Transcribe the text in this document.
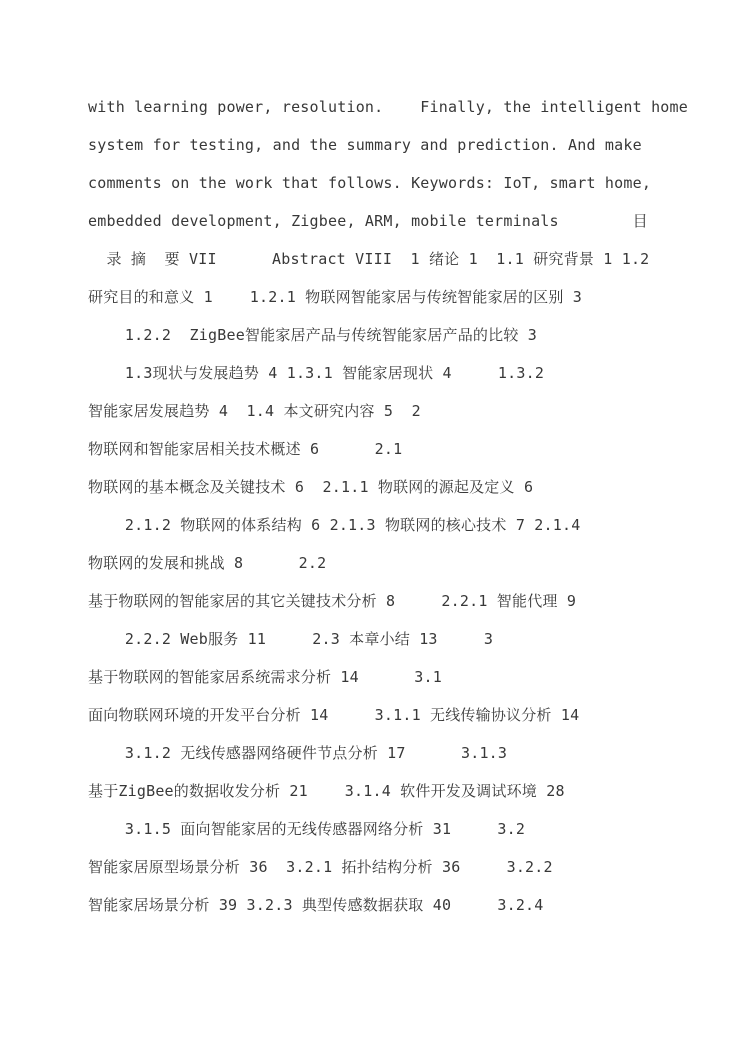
with learning power, resolution.    Finally, the intelligent home
system for testing, and the summary and prediction. And make
comments on the work that follows. Keywords: IoT, smart home,
embedded development, Zigbee, ARM, mobile terminals        目
录 摘  要 VII      Abstract VIII  1 绪论 1  1.1 研究背景 1 1.2
研究目的和意义 1    1.2.1 物联网智能家居与传统智能家居的区别 3
1.2.2  ZigBee智能家居产品与传统智能家居产品的比较 3
1.3现状与发展趋势 4 1.3.1 智能家居现状 4     1.3.2
智能家居发展趋势 4  1.4 本文研究内容 5  2
物联网和智能家居相关技术概述 6      2.1
物联网的基本概念及关键技术 6  2.1.1 物联网的源起及定义 6
2.1.2 物联网的体系结构 6 2.1.3 物联网的核心技术 7 2.1.4
物联网的发展和挑战 8      2.2
基于物联网的智能家居的其它关键技术分析 8     2.2.1 智能代理 9
2.2.2 Web服务 11     2.3 本章小结 13     3
基于物联网的智能家居系统需求分析 14      3.1
面向物联网环境的开发平台分析 14     3.1.1 无线传输协议分析 14
3.1.2 无线传感器网络硬件节点分析 17      3.1.3
基于ZigBee的数据收发分析 21    3.1.4 软件开发及调试环境 28
3.1.5 面向智能家居的无线传感器网络分析 31     3.2
智能家居原型场景分析 36  3.2.1 拓扑结构分析 36     3.2.2
智能家居场景分析 39 3.2.3 典型传感数据获取 40     3.2.4
